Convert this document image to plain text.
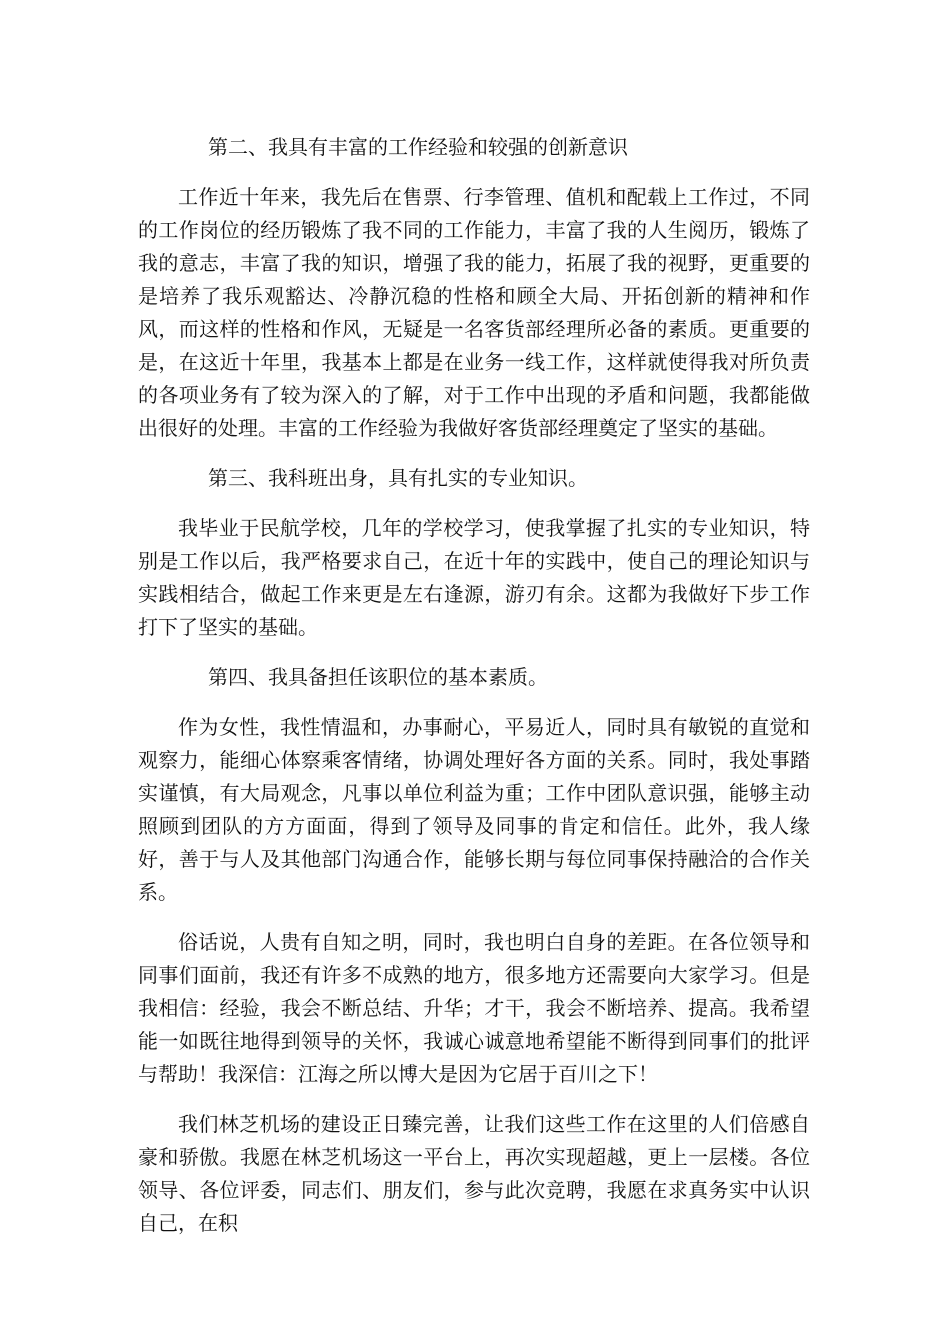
第二、我具有丰富的工作经验和较强的创新意识

工作近十年来，我先后在售票、行李管理、值机和配载上工作过，不同的工作岗位的经历锻炼了我不同的工作能力，丰富了我的人生阅历，锻炼了我的意志，丰富了我的知识，增强了我的能力，拓展了我的视野，更重要的是培养了我乐观豁达、冷静沉稳的性格和顾全大局、开拓创新的精神和作风，而这样的性格和作风，无疑是一名客货部经理所必备的素质。更重要的是，在这近十年里，我基本上都是在业务一线工作，这样就使得我对所负责的各项业务有了较为深入的了解，对于工作中出现的矛盾和问题，我都能做出很好的处理。丰富的工作经验为我做好客货部经理奠定了坚实的基础。

第三、我科班出身，具有扎实的专业知识。

我毕业于民航学校，几年的学校学习，使我掌握了扎实的专业知识，特别是工作以后，我严格要求自己，在近十年的实践中，使自己的理论知识与实践相结合，做起工作来更是左右逢源，游刃有余。这都为我做好下步工作打下了坚实的基础。

第四、我具备担任该职位的基本素质。

作为女性，我性情温和，办事耐心，平易近人，同时具有敏锐的直觉和观察力，能细心体察乘客情绪，协调处理好各方面的关系。同时，我处事踏实谨慎，有大局观念，凡事以单位利益为重；工作中团队意识强，能够主动照顾到团队的方方面面，得到了领导及同事的肯定和信任。此外，我人缘好，善于与人及其他部门沟通合作，能够长期与每位同事保持融洽的合作关系。

俗话说，人贵有自知之明，同时，我也明白自身的差距。在各位领导和同事们面前，我还有许多不成熟的地方，很多地方还需要向大家学习。但是我相信：经验，我会不断总结、升华；才干，我会不断培养、提高。我希望能一如既往地得到领导的关怀，我诚心诚意地希望能不断得到同事们的批评与帮助！我深信：江海之所以博大是因为它居于百川之下！

我们林芝机场的建设正日臻完善，让我们这些工作在这里的人们倍感自豪和骄傲。我愿在林芝机场这一平台上，再次实现超越，更上一层楼。各位领导、各位评委，同志们、朋友们，参与此次竞聘，我愿在求真务实中认识自己，在积
